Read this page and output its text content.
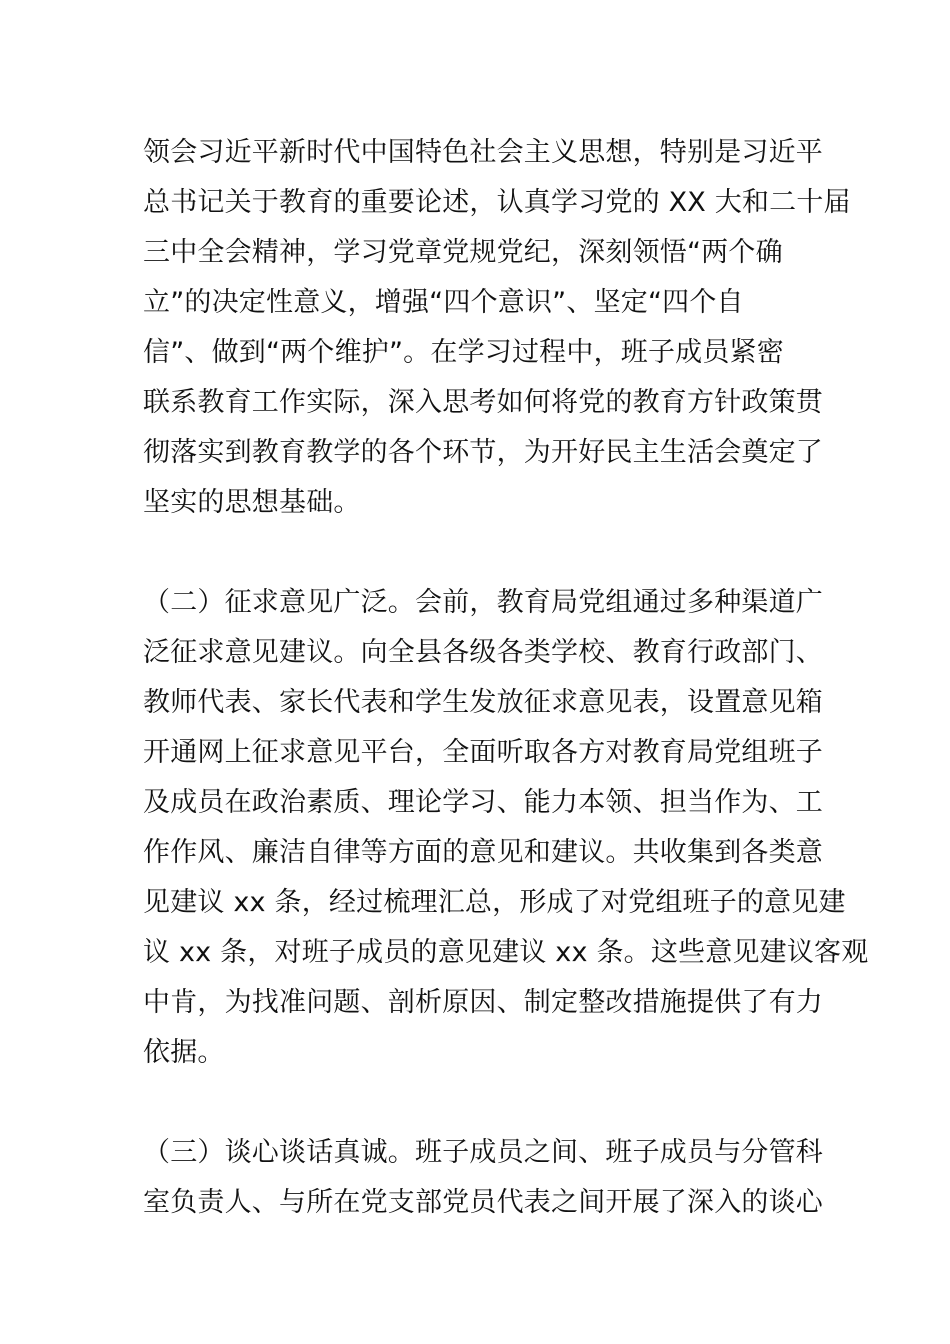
领会习近平新时代中国特色社会主义思想，特别是习近平
总书记关于教育的重要论述，认真学习党的 XX 大和二十届
三中全会精神，学习党章党规党纪，深刻领悟“两个确
立”的决定性意义，增强“四个意识”、坚定“四个自
信”、做到“两个维护”。在学习过程中，班子成员紧密
联系教育工作实际，深入思考如何将党的教育方针政策贯
彻落实到教育教学的各个环节，为开好民主生活会奠定了
坚实的思想基础。
（二）征求意见广泛。会前，教育局党组通过多种渠道广
泛征求意见建议。向全县各级各类学校、教育行政部门、
教师代表、家长代表和学生发放征求意见表，设置意见箱
开通网上征求意见平台，全面听取各方对教育局党组班子
及成员在政治素质、理论学习、能力本领、担当作为、工
作作风、廉洁自律等方面的意见和建议。共收集到各类意
见建议 xx 条，经过梳理汇总，形成了对党组班子的意见建
议 xx 条，对班子成员的意见建议 xx 条。这些意见建议客观
中肯，为找准问题、剖析原因、制定整改措施提供了有力
依据。
（三）谈心谈话真诚。班子成员之间、班子成员与分管科
室负责人、与所在党支部党员代表之间开展了深入的谈心
